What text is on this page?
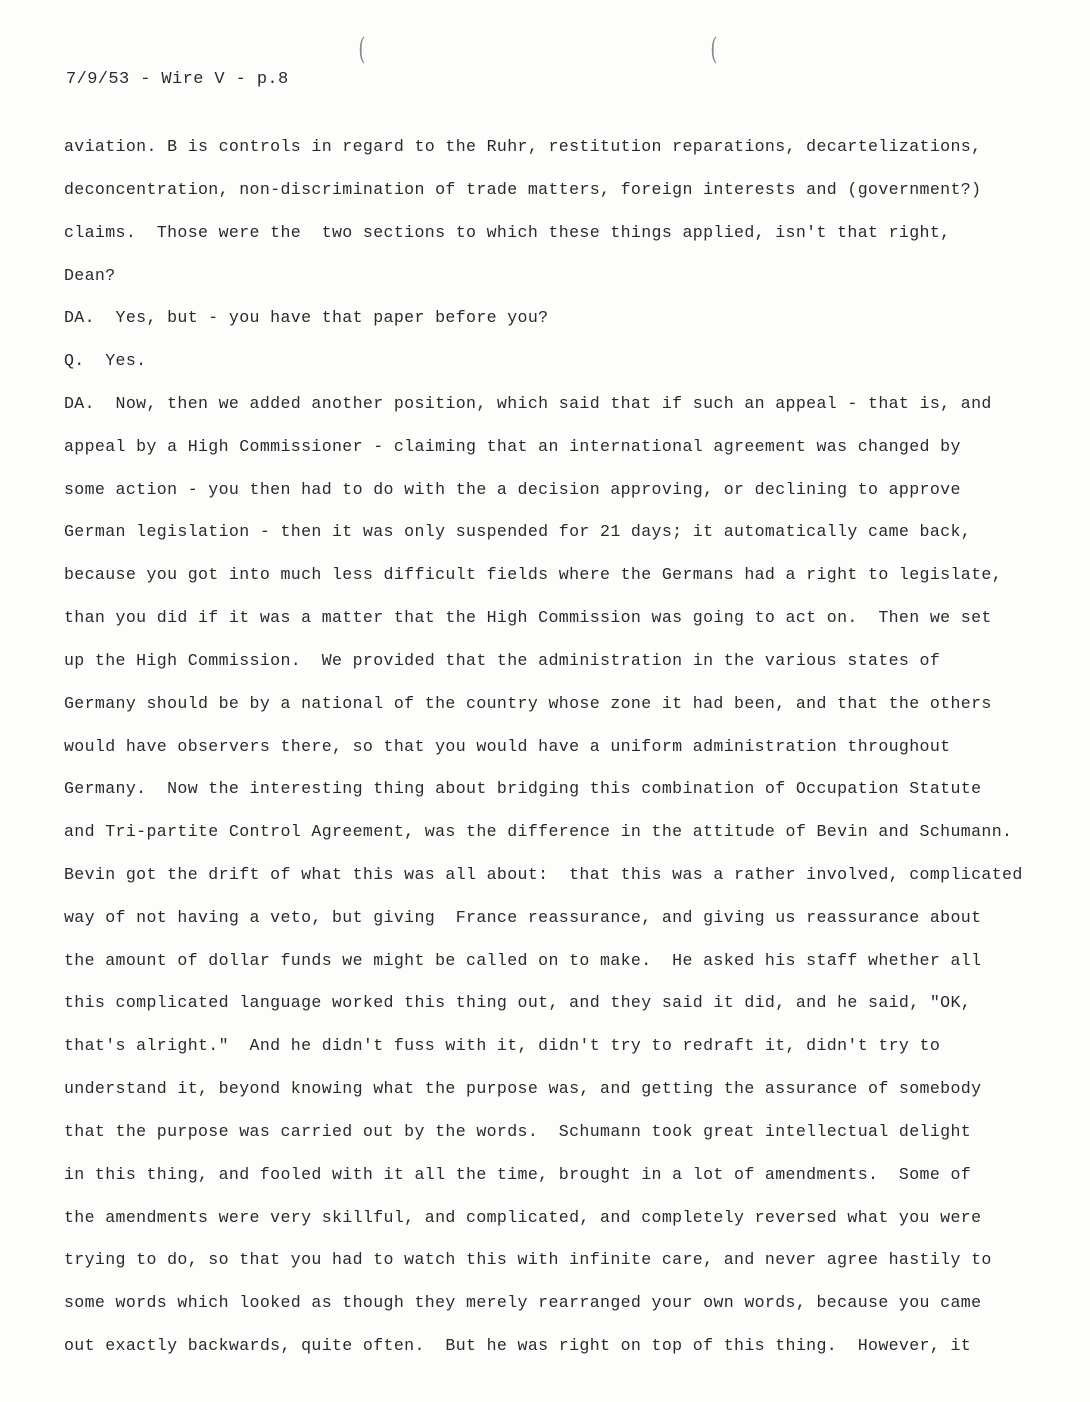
(	(
7/9/53 - Wire V - p.8
aviation. B is controls in regard to the Ruhr, restitution reparations, decartelizations,
deconcentration, non-discrimination of trade matters, foreign interests and (government?)
claims.  Those were the  two sections to which these things applied, isn't that right,
Dean?
DA.  Yes, but - you have that paper before you?
Q.  Yes.
DA.  Now, then we added another position, which said that if such an appeal - that is, and
appeal by a High Commissioner - claiming that an international agreement was changed by
some action - you then had to do with the a decision approving, or declining to approve
German legislation - then it was only suspended for 21 days; it automatically came back,
because you got into much less difficult fields where the Germans had a right to legislate,
than you did if it was a matter that the High Commission was going to act on.  Then we set
up the High Commission.  We provided that the administration in the various states of
Germany should be by a national of the country whose zone it had been, and that the others
would have observers there, so that you would have a uniform administration throughout
Germany.  Now the interesting thing about bridging this combination of Occupation Statute
and Tri-partite Control Agreement, was the difference in the attitude of Bevin and Schumann.
Bevin got the drift of what this was all about:  that this was a rather involved, complicated
way of not having a veto, but giving  France reassurance, and giving us reassurance about
the amount of dollar funds we might be called on to make.  He asked his staff whether all
this complicated language worked this thing out, and they said it did, and he said, "OK,
that's alright."  And he didn't fuss with it, didn't try to redraft it, didn't try to
understand it, beyond knowing what the purpose was, and getting the assurance of somebody
that the purpose was carried out by the words.  Schumann took great intellectual delight
in this thing, and fooled with it all the time, brought in a lot of amendments.  Some of
the amendments were very skillful, and complicated, and completely reversed what you were
trying to do, so that you had to watch this with infinite care, and never agree hastily to
some words which looked as though they merely rearranged your own words, because you came
out exactly backwards, quite often.  But he was right on top of this thing.  However, it
